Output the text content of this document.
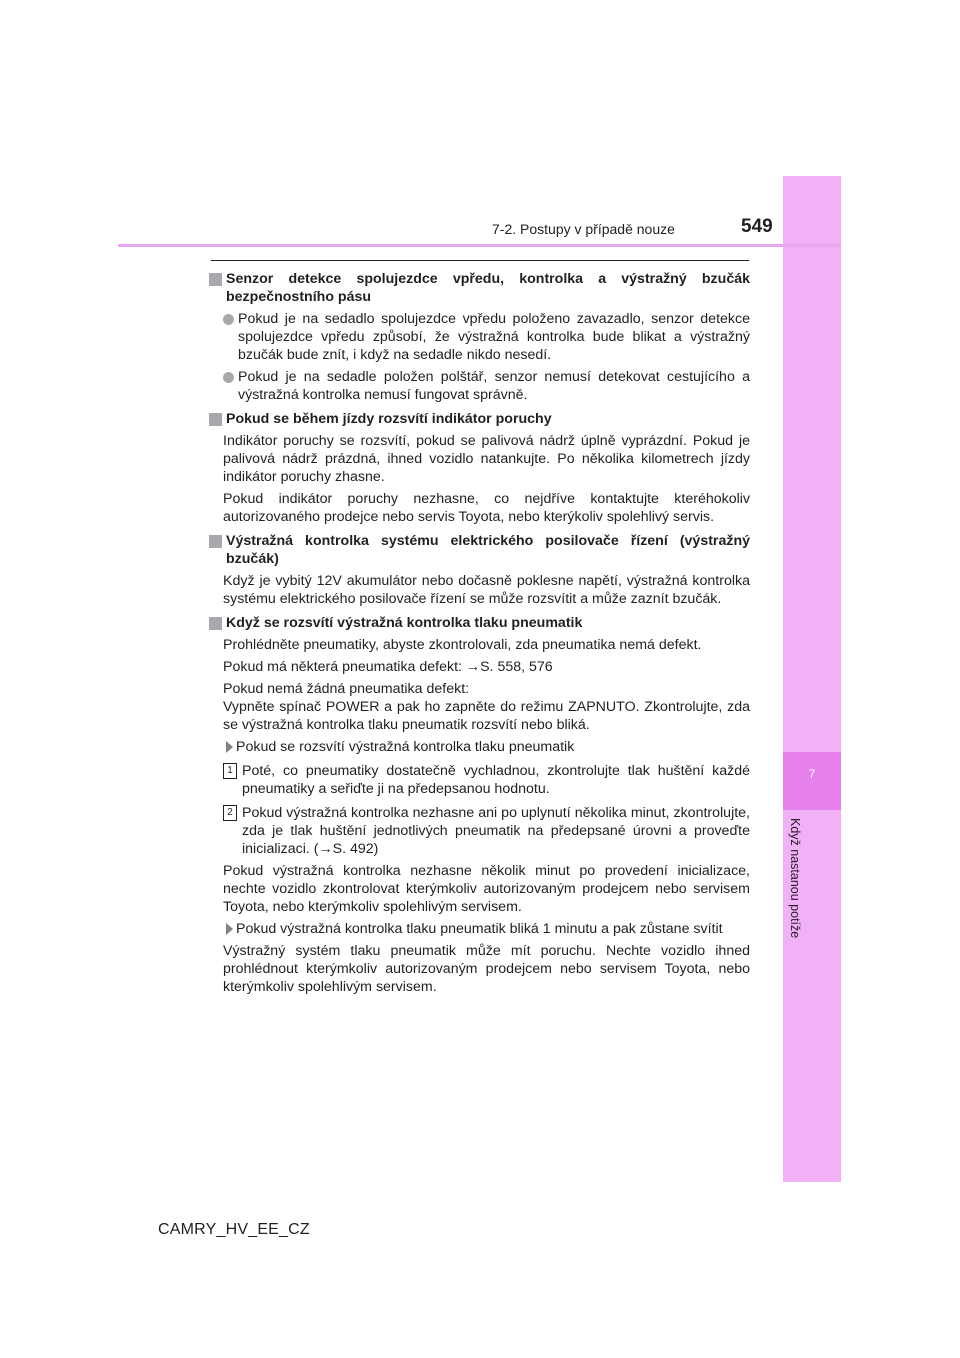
7
Když nastanou potíže
7-2. Postupy v případě nouze	549

Senzor detekce spolujezdce vpředu, kontrolka a výstražný bzučák bezpečnostního pásu

Pokud je na sedadlo spolujezdce vpředu položeno zavazadlo, senzor detekce spolujezdce vpředu způsobí, že výstražná kontrolka bude blikat a výstražný bzučák bude znít, i když na sedadle nikdo nesedí.

Pokud je na sedadle položen polštář, senzor nemusí detekovat cestujícího a výstražná kontrolka nemusí fungovat správně.

Pokud se během jízdy rozsvítí indikátor poruchy

Indikátor poruchy se rozsvítí, pokud se palivová nádrž úplně vyprázdní. Pokud je palivová nádrž prázdná, ihned vozidlo natankujte. Po několika kilometrech jízdy indikátor poruchy zhasne.

Pokud indikátor poruchy nezhasne, co nejdříve kontaktujte kteréhokoliv autorizovaného prodejce nebo servis Toyota, nebo kterýkoliv spolehlivý servis.

Výstražná kontrolka systému elektrického posilovače řízení (výstražný bzučák)

Když je vybitý 12V akumulátor nebo dočasně poklesne napětí, výstražná kontrolka systému elektrického posilovače řízení se může rozsvítit a může zaznít bzučák.

Když se rozsvítí výstražná kontrolka tlaku pneumatik

Prohlédněte pneumatiky, abyste zkontrolovali, zda pneumatika nemá defekt.

Pokud má některá pneumatika defekt: →S. 558, 576

Pokud nemá žádná pneumatika defekt:
Vypněte spínač POWER a pak ho zapněte do režimu ZAPNUTO. Zkontrolujte, zda se výstražná kontrolka tlaku pneumatik rozsvítí nebo bliká.

Pokud se rozsvítí výstražná kontrolka tlaku pneumatik

1 Poté, co pneumatiky dostatečně vychladnou, zkontrolujte tlak huštění každé pneumatiky a seřiďte ji na předepsanou hodnotu.

2 Pokud výstražná kontrolka nezhasne ani po uplynutí několika minut, zkontrolujte, zda je tlak huštění jednotlivých pneumatik na předepsané úrovni a proveďte inicializaci. (→S. 492)

Pokud výstražná kontrolka nezhasne několik minut po provedení inicializace, nechte vozidlo zkontrolovat kterýmkoliv autorizovaným prodejcem nebo servisem Toyota, nebo kterýmkoliv spolehlivým servisem.

Pokud výstražná kontrolka tlaku pneumatik bliká 1 minutu a pak zůstane svítit

Výstražný systém tlaku pneumatik může mít poruchu. Nechte vozidlo ihned prohlédnout kterýmkoliv autorizovaným prodejcem nebo servisem Toyota, nebo kterýmkoliv spolehlivým servisem.

CAMRY_HV_EE_CZ
